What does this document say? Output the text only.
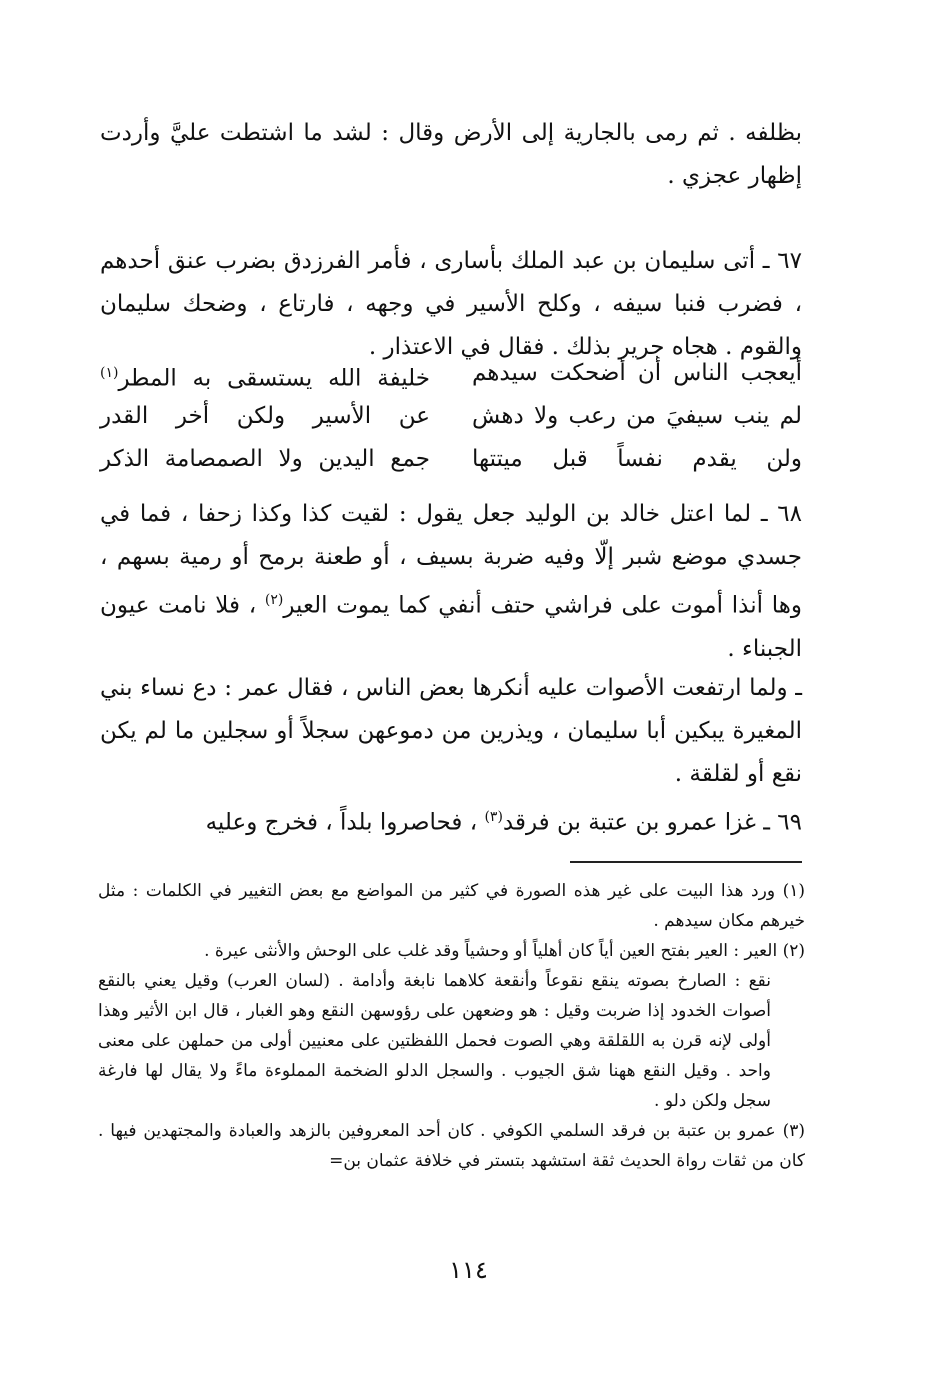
بظلفه . ثم رمى بالجارية إلى الأرض وقال : لشد ما اشتطت عليَّ وأردت إظهار عجزي .

٦٧ ـ أتى سليمان بن عبد الملك بأسارى ، فأمر الفرزدق بضرب عنق أحدهم ، فضرب فنبا سيفه ، وكلح الأسير في وجهه ، فارتاع ، وضحك سليمان والقوم . هجاه جرير بذلك . فقال في الاعتذار .

أيعجب الناس أن أضحكت سيدهم
خليفة الله يستسقى به المطر$^{(١)}$
لم ينب سيفيَ من رعب ولا دهش
عن الأسير ولكن أخر القدر
ولن يقدم نفساً قبل ميتتها
جمع اليدين ولا الصمصامة الذكر

٦٨ ـ لما اعتل خالد بن الوليد جعل يقول : لقيت كذا وكذا زحفا ، فما في جسدي موضع شبر إلّا وفيه ضربة بسيف ، أو طعنة برمح أو رمية بسهم ، وها أنذا أموت على فراشي حتف أنفي كما يموت العير$^{(٢)}$ ، فلا نامت عيون الجبناء .

ـ ولما ارتفعت الأصوات عليه أنكرها بعض الناس ، فقال عمر : دع نساء بني المغيرة يبكين أبا سليمان ، ويذرين من دموعهن سجلاً أو سجلين ما لم يكن نقع أو لقلقة .

٦٩ ـ غزا عمرو بن عتبة بن فرقد$^{(٣)}$ ، فحاصروا بلداً ، فخرج وعليه

(١) ورد هذا البيت على غير هذه الصورة في كثير من المواضع مع بعض التغيير في الكلمات : مثل خيرهم مكان سيدهم .

(٢) العير : العير بفتح العين أياً كان أهلياً أو وحشياً وقد غلب على الوحش والأنثى عيرة .

نقع : الصارخ بصوته ينقع نقوعاً وأنقعة كلاهما نابغة وأدامة . (لسان العرب) وقيل يعني بالنقع أصوات الخدود إذا ضربت وقيل : هو وضعهن على رؤوسهن النقع وهو الغبار ، قال ابن الأثير وهذا أولى لإنه قرن به اللقلقة وهي الصوت فحمل اللفظتين على معنيين أولى من حملهن على معنى واحد . وقيل النقع ههنا شق الجيوب . والسجل الدلو الضخمة المملوءة ماءً ولا يقال لها فارغة سجل ولكن دلو .

(٣) عمرو بن عتبة بن فرقد السلمي الكوفي . كان أحد المعروفين بالزهد والعبادة والمجتهدين فيها . كان من ثقات رواة الحديث ثقة استشهد بتستر في خلافة عثمان بن=

١١٤
